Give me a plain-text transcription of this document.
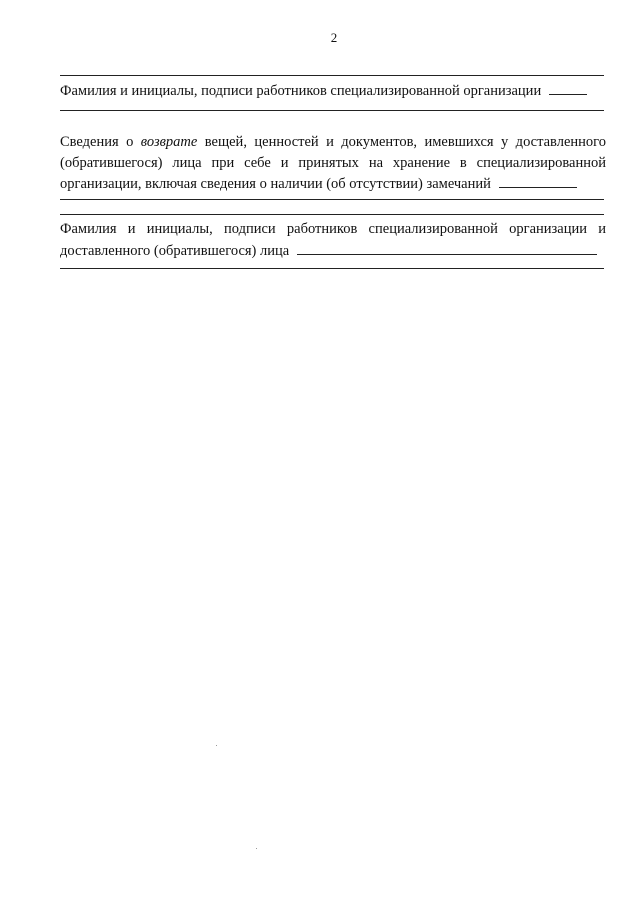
2
Фамилия и инициалы, подписи работников специализированной организации
Сведения о возврате вещей, ценностей и документов, имевшихся у доставленного (обратившегося) лица при себе и принятых на хранение в специализированной организации, включая сведения о наличии (об отсутствии) замечаний
Фамилия и инициалы, подписи работников специализированной организации и доставленного (обратившегося) лица
